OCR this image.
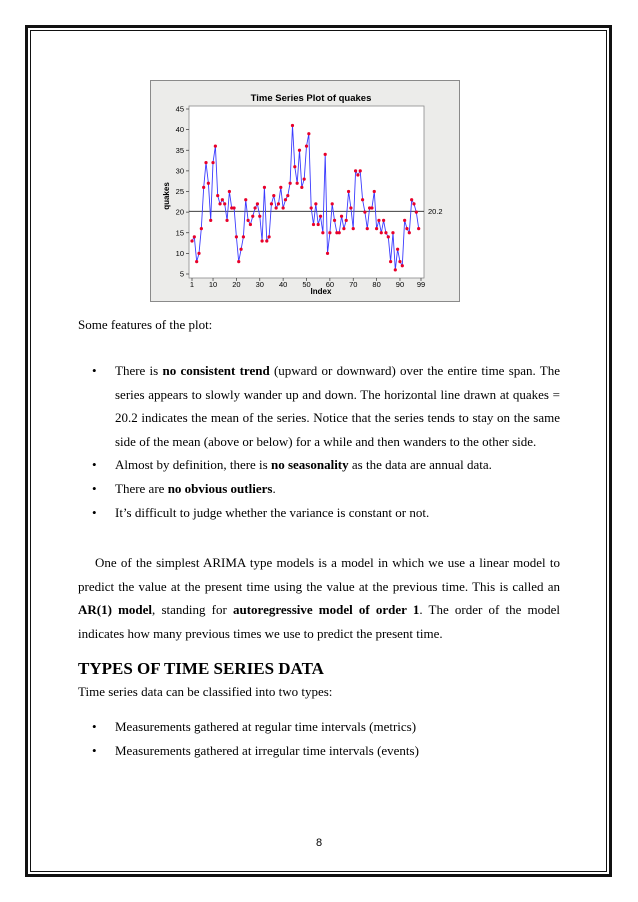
Time Series Plot of quakes
5
10
15
20
25
30
35
40
45
1 10 20 30 40 50 60 70 80 90 99
20.2
quakes
Index

Some features of the plot:

• There is no consistent trend (upward or downward) over the entire time span. The series appears to slowly wander up and down. The horizontal line drawn at quakes = 20.2 indicates the mean of the series. Notice that the series tends to stay on the same side of the mean (above or below) for a while and then wanders to the other side.
• Almost by definition, there is no seasonality as the data are annual data.
• There are no obvious outliers.
• It’s difficult to judge whether the variance is constant or not.

One of the simplest ARIMA type models is a model in which we use a linear model to predict the value at the present time using the value at the previous time. This is called an AR(1) model, standing for autoregressive model of order 1. The order of the model indicates how many previous times we use to predict the present time.

TYPES OF TIME SERIES DATA

Time series data can be classified into two types:

• Measurements gathered at regular time intervals (metrics)
• Measurements gathered at irregular time intervals (events)
8
